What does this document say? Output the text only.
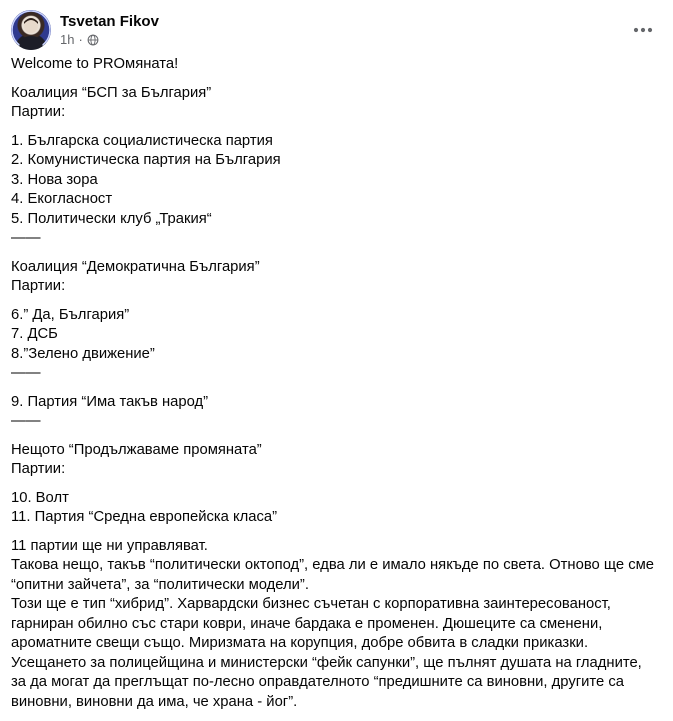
Tsvetan Fikov
1h ·

Welcome to PROмяната!

Коалиция “БСП за България”
Партии:

1. Българска социалистическа партия
2. Комунистическа партия на България
3. Нова зора
4. Екогласност
5. Политически клуб „Тракия“
——

Коалиция “Демократична България”
Партии:

6.” Да, България”
7. ДСБ
8.”Зелено движение”
——

9. Партия “Има такъв народ”
——

Нещото “Продължаваме промяната”
Партии:

10. Волт
11. Партия “Средна европейска класа”

11 партии ще ни управляват.
Такова нещо, такъв “политически октопод”, едва ли е имало някъде по света. Отново ще сме
“опитни зайчета”, за “политически модели”.
Този ще е тип “хибрид”. Харвардски бизнес съчетан с корпоративна заинтересованост,
гарниран обилно със стари коври, иначе бардака е променен. Дюшеците са сменени,
ароматните свещи също. Миризмата на корупция, добре обвита в сладки приказки.
Усещането за полицейщина и министерски “фейк сапунки”, ще пълнят душата на гладните,
за да могат да преглъщат по-лесно оправдателното “предишните са виновни, другите са
виновни, виновни да има, че храна - йог”.
